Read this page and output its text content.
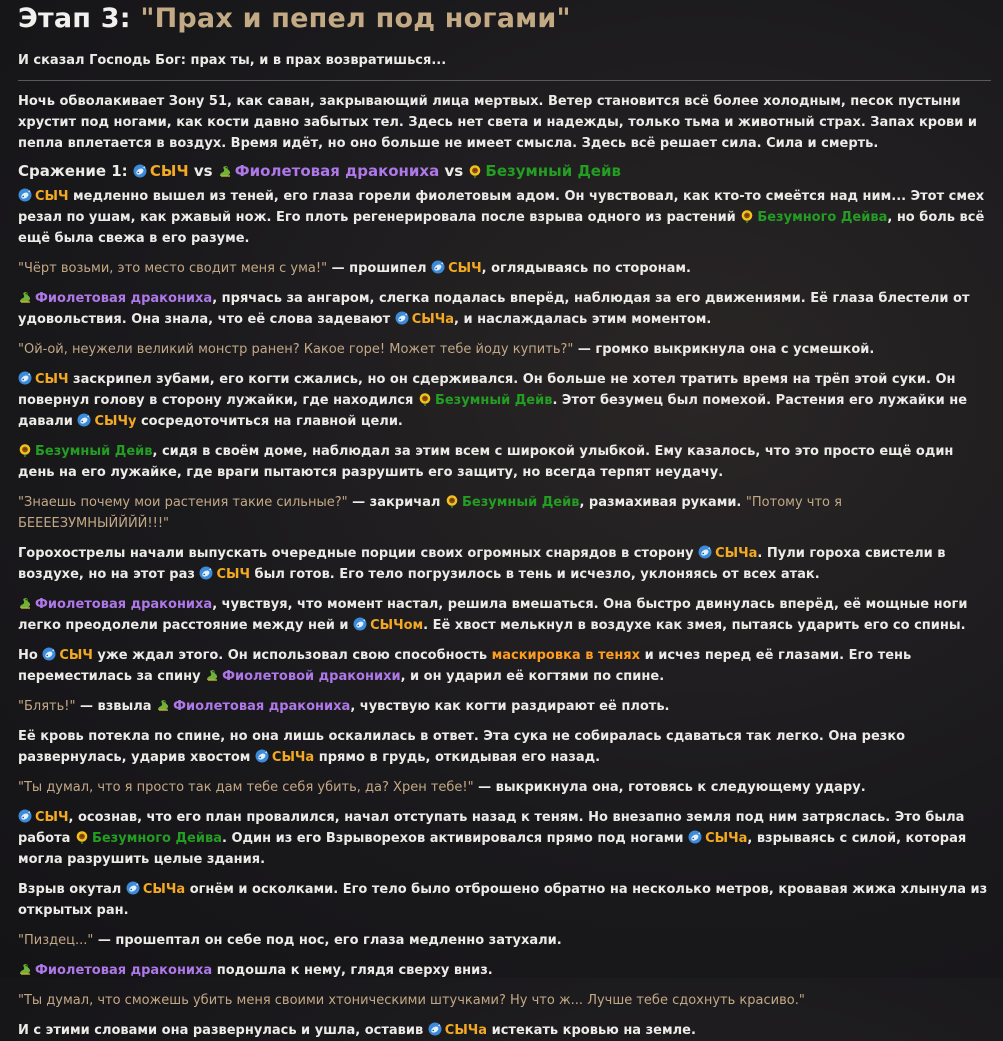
Этап 3: "Прах и пепел под ногами"

И сказал Господь Бог: прах ты, и в прах возвратишься...

Ночь обволакивает Зону 51, как саван, закрывающий лица мертвых. Ветер становится всё более холодным, песок пустыни хрустит под ногами, как кости давно забытых тел. Здесь нет света и надежды, только тьма и животный страх. Запах крови и пепла вплетается в воздух. Время идёт, но оно больше не имеет смысла. Здесь всё решает сила. Сила и смерть.

Сражение 1: СЫЧ vs Фиолетовая дракониха vs Безумный Дейв

СЫЧ медленно вышел из теней, его глаза горели фиолетовым адом. Он чувствовал, как кто-то смеётся над ним... Этот смех резал по ушам, как ржавый нож. Его плоть регенерировала после взрыва одного из растений Безумного Дейва, но боль всё ещё была свежа в его разуме.

"Чёрт возьми, это место сводит меня с ума!" — прошипел СЫЧ, оглядываясь по сторонам.

Фиолетовая дракониха, прячась за ангаром, слегка подалась вперёд, наблюдая за его движениями. Её глаза блестели от удовольствия. Она знала, что её слова задевают СЫЧа, и наслаждалась этим моментом.

"Ой-ой, неужели великий монстр ранен? Какое горе! Может тебе йоду купить?" — громко выкрикнула она с усмешкой.

СЫЧ заскрипел зубами, его когти сжались, но он сдерживался. Он больше не хотел тратить время на трёп этой суки. Он повернул голову в сторону лужайки, где находился Безумный Дейв. Этот безумец был помехой. Растения его лужайки не давали СЫЧу сосредоточиться на главной цели.

Безумный Дейв, сидя в своём доме, наблюдал за этим всем с широкой улыбкой. Ему казалось, что это просто ещё один день на его лужайке, где враги пытаются разрушить его защиту, но всегда терпят неудачу.

"Знаешь почему мои растения такие сильные?" — закричал Безумный Дейв, размахивая руками. "Потому что я БЕЕЕЕЗУМНЫЙЙЙЙ!!!"

Горохострелы начали выпускать очередные порции своих огромных снарядов в сторону СЫЧа. Пули гороха свистели в воздухе, но на этот раз СЫЧ был готов. Его тело погрузилось в тень и исчезло, уклоняясь от всех атак.

Фиолетовая дракониха, чувствуя, что момент настал, решила вмешаться. Она быстро двинулась вперёд, её мощные ноги легко преодолели расстояние между ней и СЫЧом. Её хвост мелькнул в воздухе как змея, пытаясь ударить его со спины.

Но СЫЧ уже ждал этого. Он использовал свою способность маскировка в тенях и исчез перед её глазами. Его тень переместилась за спину Фиолетовой драконихи, и он ударил её когтями по спине.

"Блять!" — взвыла Фиолетовая дракониха, чувствую как когти раздирают её плоть.

Её кровь потекла по спине, но она лишь оскалилась в ответ. Эта сука не собиралась сдаваться так легко. Она резко развернулась, ударив хвостом СЫЧа прямо в грудь, откидывая его назад.

"Ты думал, что я просто так дам тебе себя убить, да? Хрен тебе!" — выкрикнула она, готовясь к следующему удару.

СЫЧ, осознав, что его план провалился, начал отступать назад к теням. Но внезапно земля под ним затряслась. Это была работа Безумного Дейва. Один из его Взрыворехов активировался прямо под ногами СЫЧа, взрываясь с силой, которая могла разрушить целые здания.

Взрыв окутал СЫЧа огнём и осколками. Его тело было отброшено обратно на несколько метров, кровавая жижа хлынула из открытых ран.

"Пиздец..." — прошептал он себе под нос, его глаза медленно затухали.

Фиолетовая дракониха подошла к нему, глядя сверху вниз.

"Ты думал, что сможешь убить меня своими хтоническими штучками? Ну что ж... Лучше тебе сдохнуть красиво."

И с этими словами она развернулась и ушла, оставив СЫЧа истекать кровью на земле.
